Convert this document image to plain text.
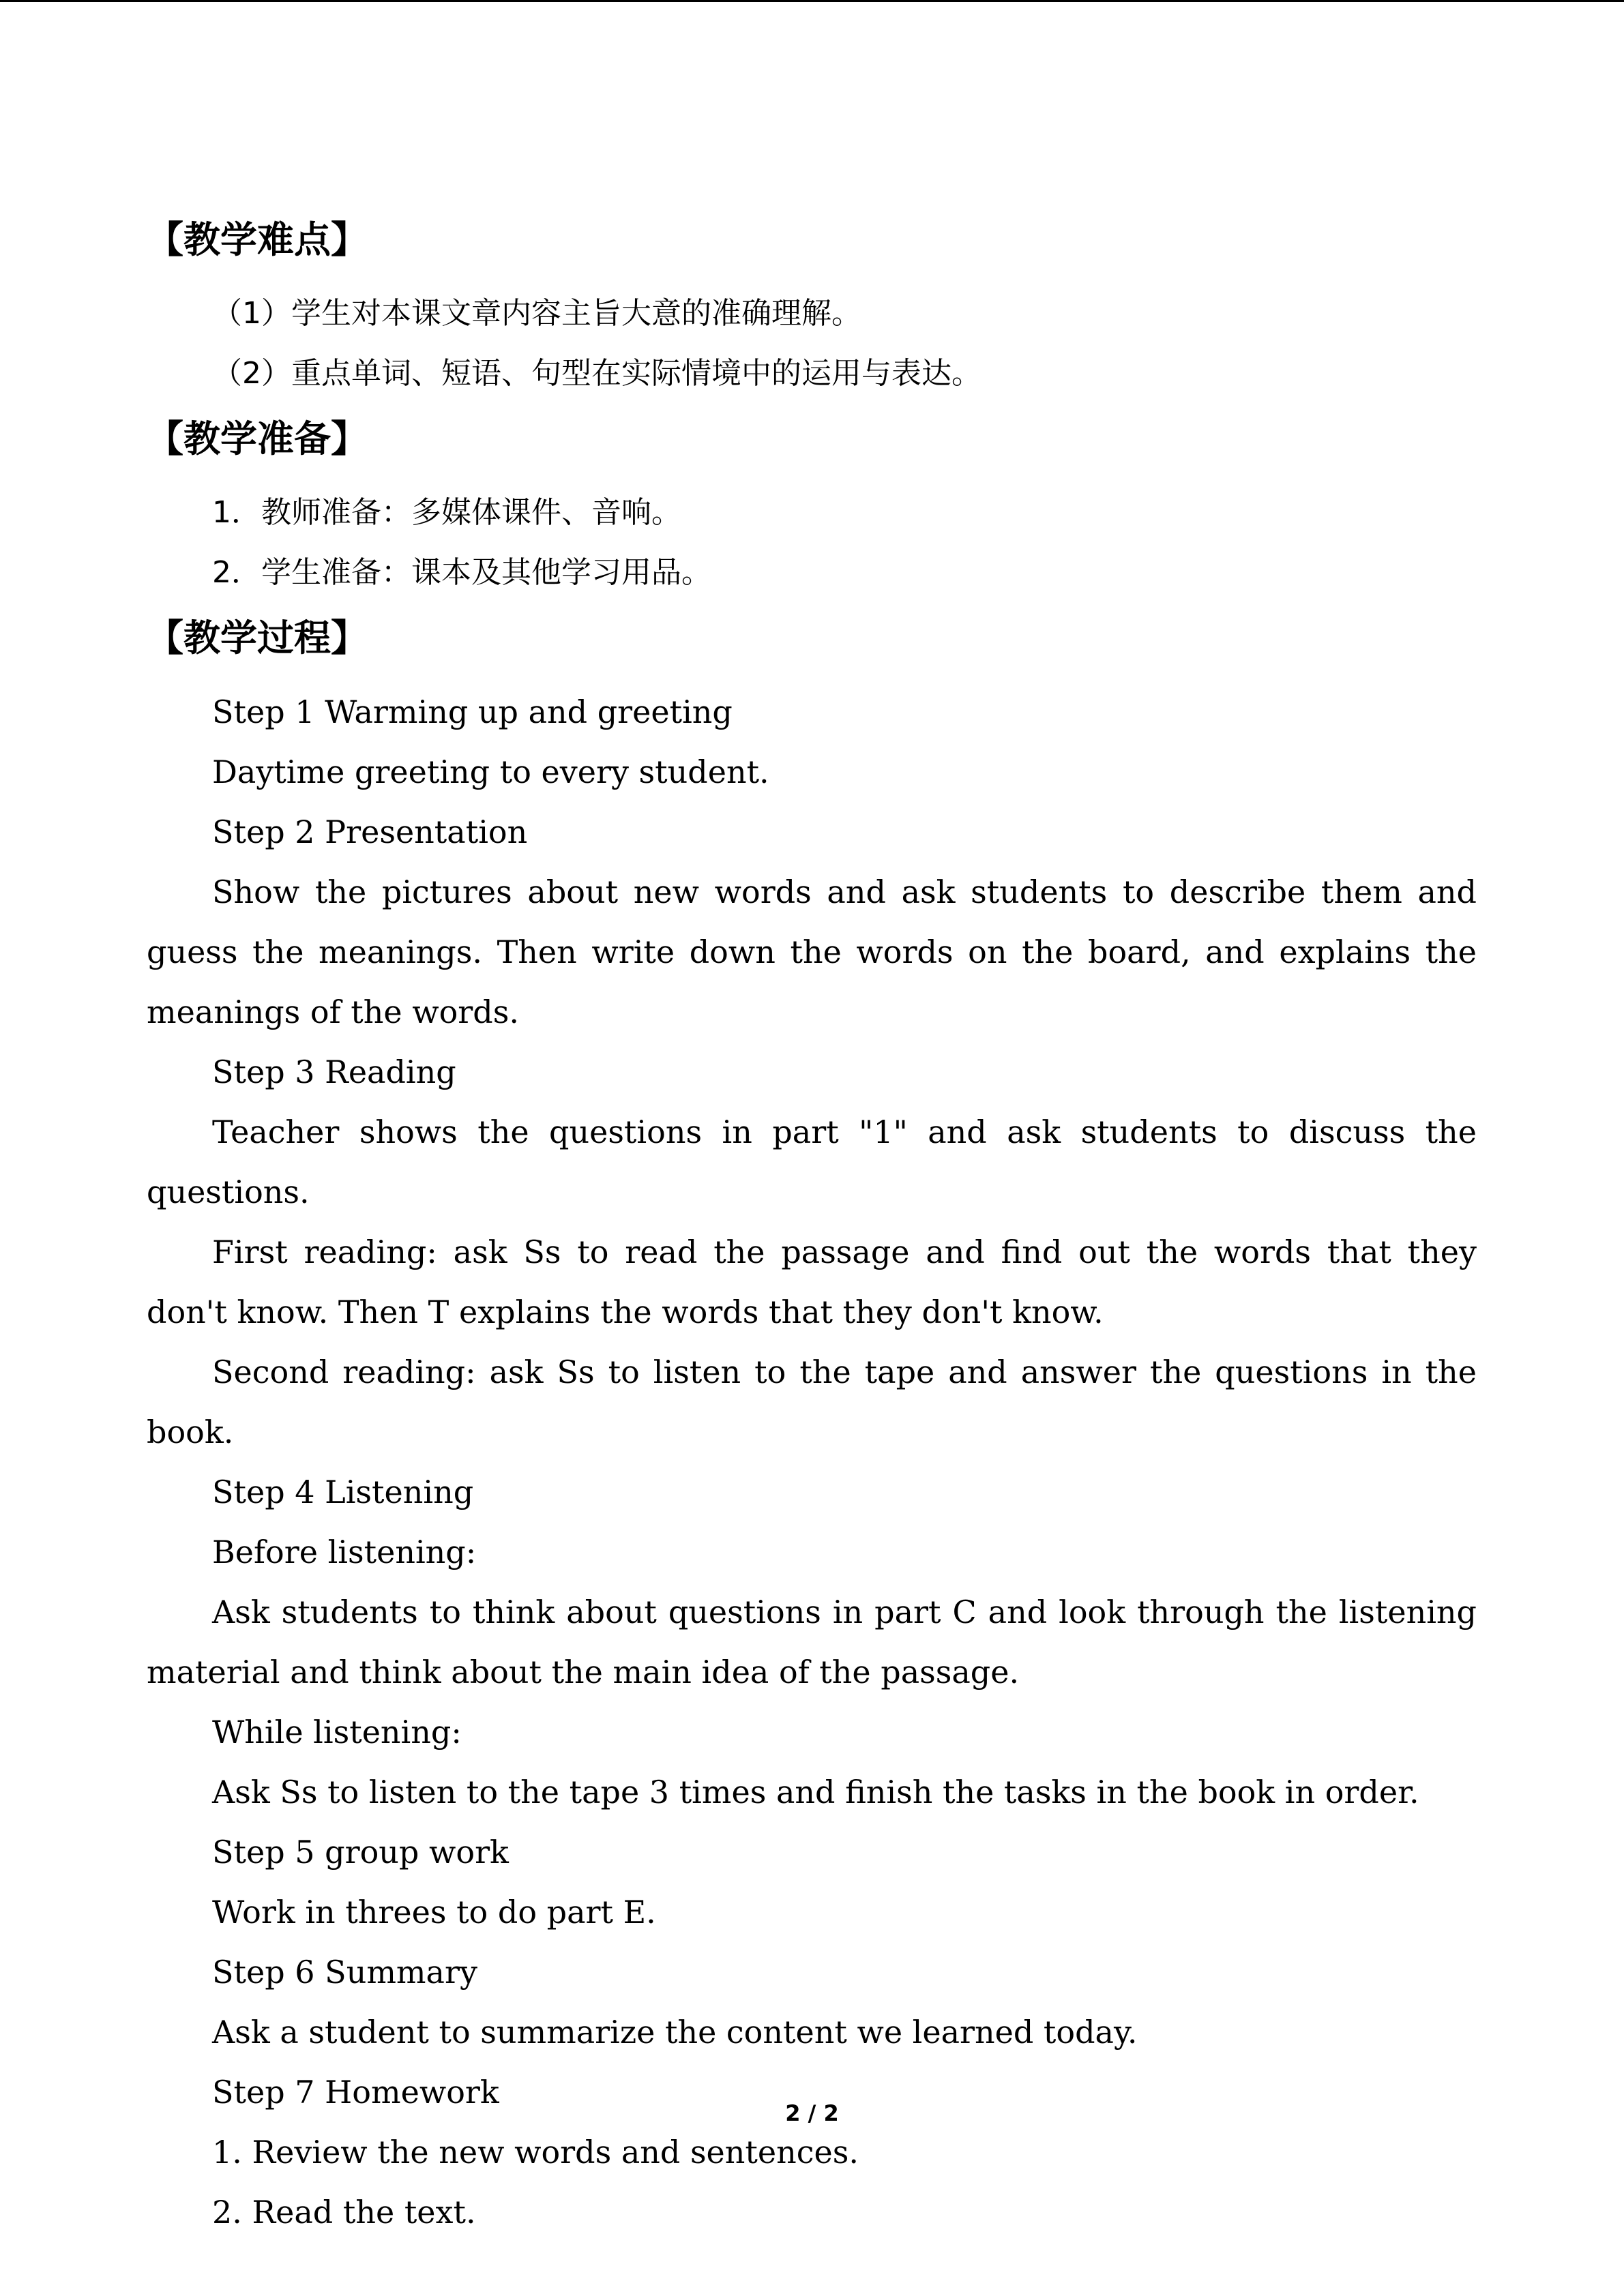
【教学难点】

（1）学生对本课文章内容主旨大意的准确理解。

（2）重点单词、短语、句型在实际情境中的运用与表达。

【教学准备】

1．教师准备：多媒体课件、音响。

2．学生准备：课本及其他学习用品。

【教学过程】

Step 1 Warming up and greeting

Daytime greeting to every student.

Step 2 Presentation

Show the pictures about new words and ask students to describe them and guess the meanings. Then write down the words on the board, and explains the meanings of the words.

Step 3 Reading

Teacher shows the questions in part "1" and ask students to discuss the questions.

First reading: ask Ss to read the passage and find out the words that they don't know. Then T explains the words that they don't know.

Second reading: ask Ss to listen to the tape and answer the questions in the book.

Step 4 Listening

Before listening:

Ask students to think about questions in part C and look through the listening material and think about the main idea of the passage.

While listening:

Ask Ss to listen to the tape 3 times and finish the tasks in the book in order.

Step 5 group work

Work in threes to do part E.

Step 6 Summary

Ask a student to summarize the content we learned today.

Step 7 Homework

1. Review the new words and sentences.

2. Read the text.

2 / 2
